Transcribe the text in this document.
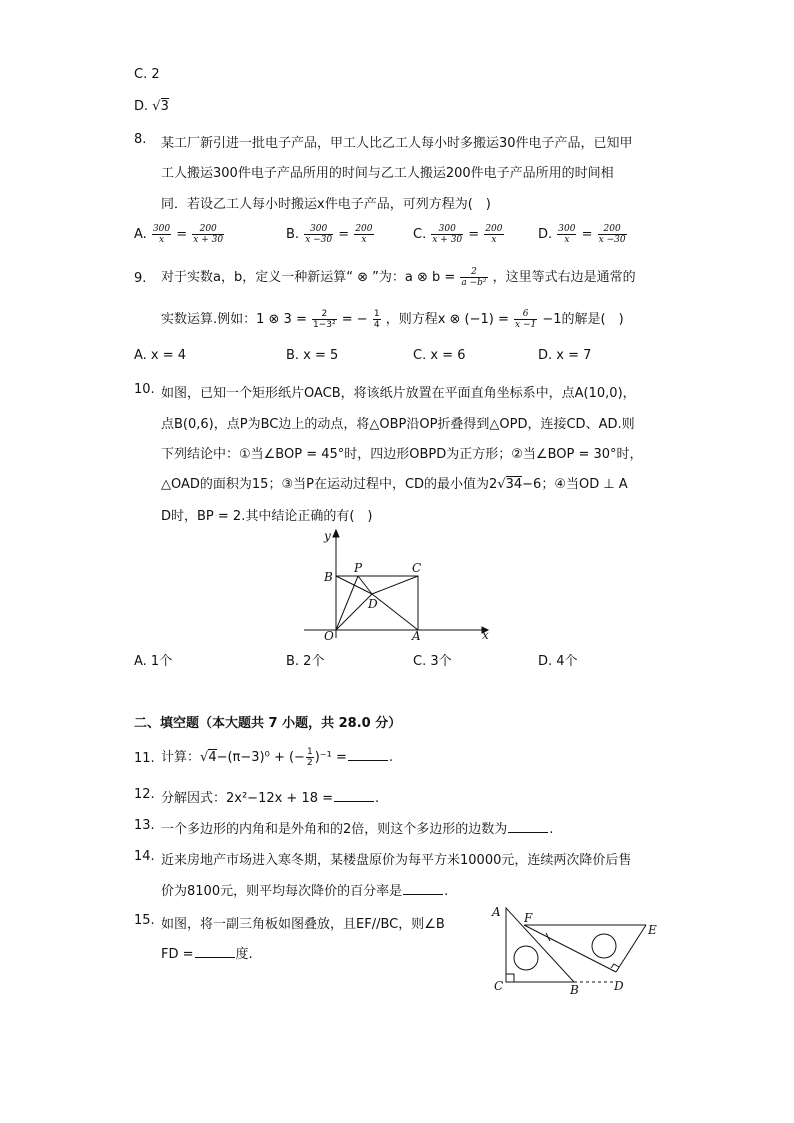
C. 2
D. √3
8. 某工厂新引进一批电子产品，甲工人比乙工人每小时多搬运30件电子产品，已知甲
工人搬运300件电子产品所用的时间与乙工人搬运200件电子产品所用的时间相
同．若设乙工人每小时搬运x件电子产品，可列方程为(　)
A. $\frac{300}{x} = \frac{200}{x + 30}$	B. $\frac{300}{x -30} = \frac{200}{x}$	C. $\frac{300}{x + 30} = \frac{200}{x}$	D. $\frac{300}{x} = \frac{200}{x -30}$
9. 对于实数a，b，定义一种新运算“ ⊗ ”为：a ⊗ $b = \frac{2}{\text{a −b²}}$ ，这里等式右边是通常的
实数运算.例如：1 ⊗ $3 = \frac{2}{\text{1−3²}}$ = − $\frac{1}{4}$ ，则方程x ⊗ $(-1) = \frac{6}{x -1} -1$的解是(　)
A. x = 4	B. x = 5	C. x = 6	D. x = 7
10. 如图，已知一个矩形纸片OACB，将该纸片放置在平面直角坐标系中，点A(10,0)，
点B(0,6)，点P为BC边上的动点，将△OBP沿OP折叠得到△OPD，连接CD、AD.则
下列结论中：①当∠BOP = 45°时，四边形OBPD为正方形；②当∠BOP = 30°时，
△OAD的面积为15；③当P在运动过程中，CD的最小值为2√34−6；④当OD ⊥ A
D时，BP = 2.其中结论正确的有(　)
y
x
B
P	C
D
O	A
A. 1个	B. 2个	C. 3个	D. 4个
二、填空题（本大题共 7 小题，共 28.0 分）
11. 计算：√4−(π−3)⁰ + (− $\frac{1}{2} )^{-1}$ =	.
12. 分解因式：2x²−12x + 18 =	.
13. 一个多边形的内角和是外角和的2倍，则这个多边形的边数为	.
14. 近来房地产市场进入寒冬期，某楼盘原价为每平方米10000元，连续两次降价后售
价为8100元，则平均每次降价的百分率是	.
15. 如图，将一副三角板如图叠放，且EF//BC，则∠B
FD =	度.
A F
E
C	B	D
